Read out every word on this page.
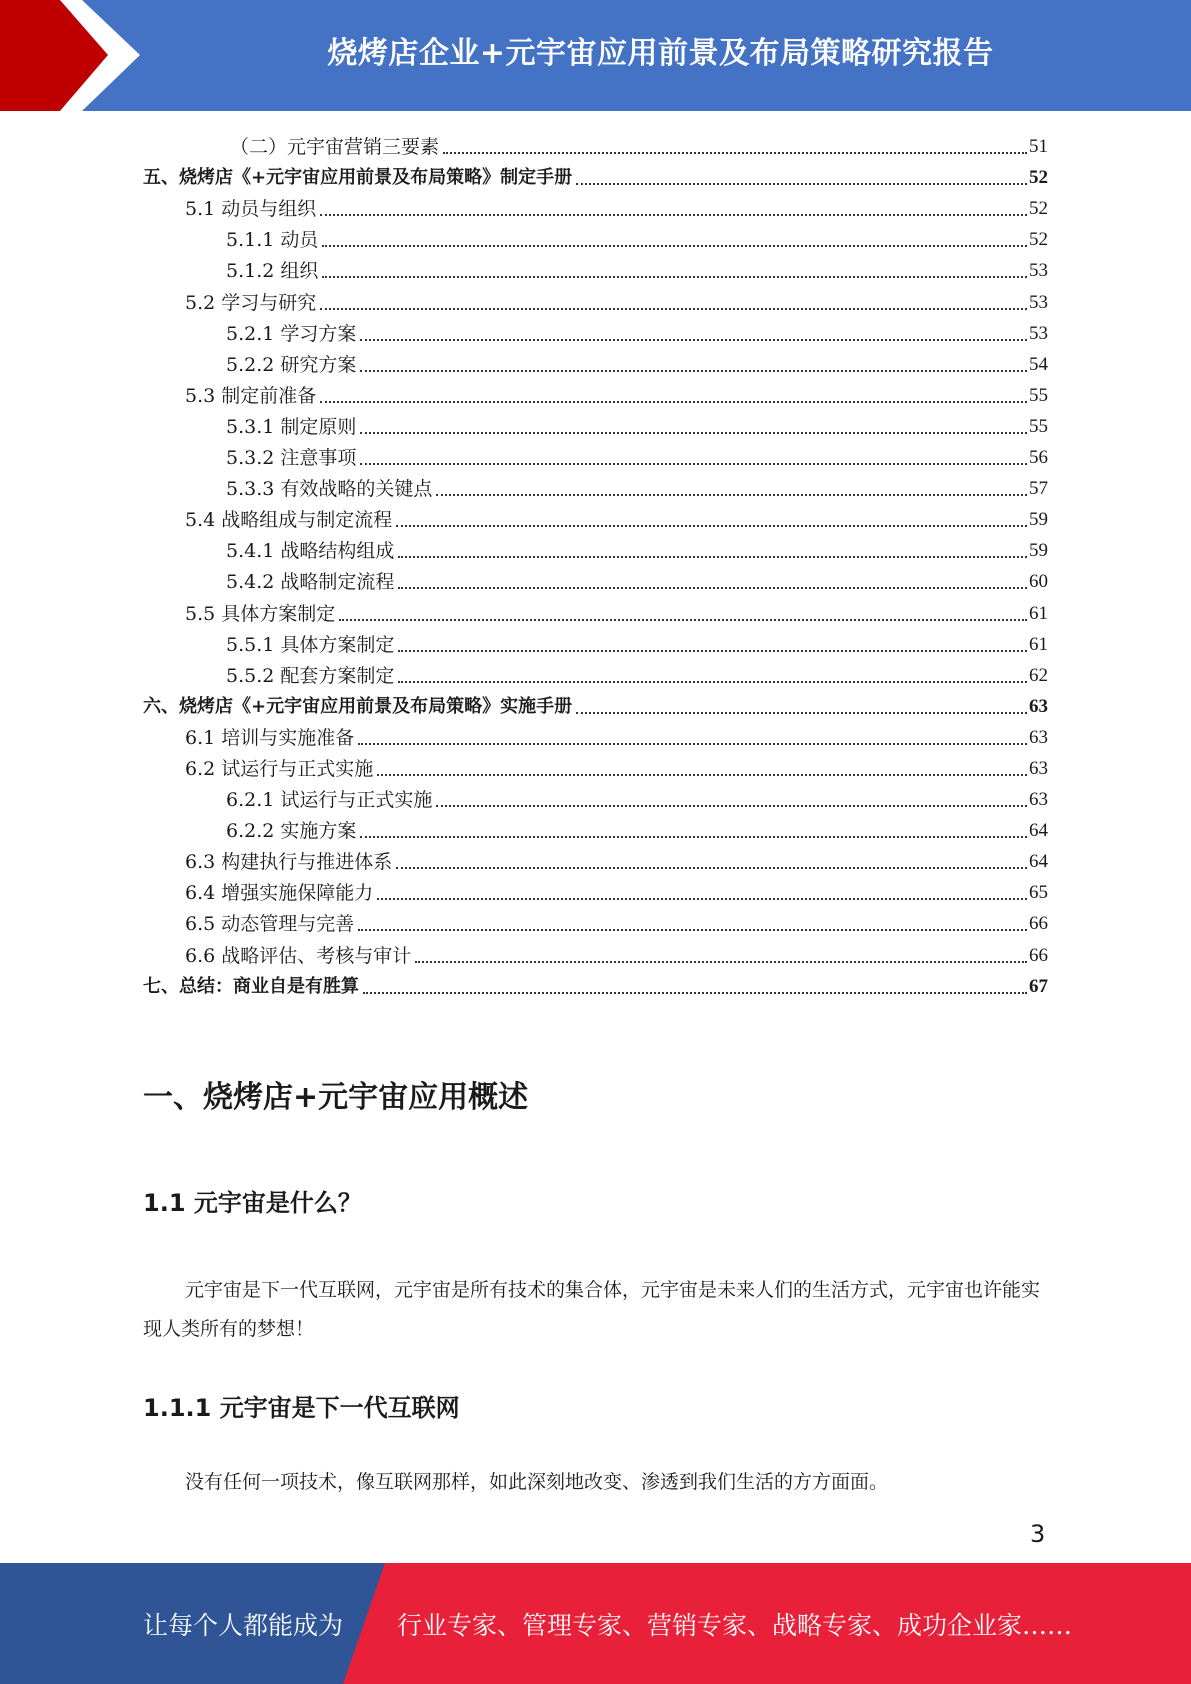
烧烤店企业+元宇宙应用前景及布局策略研究报告
（二）元宇宙营销三要素	51
五、烧烤店《+元宇宙应用前景及布局策略》制定手册	52
5.1 动员与组织	52
5.1.1 动员	52
5.1.2 组织	53
5.2 学习与研究	53
5.2.1 学习方案	53
5.2.2 研究方案	54
5.3 制定前准备	55
5.3.1 制定原则	55
5.3.2 注意事项	56
5.3.3 有效战略的关键点	57
5.4 战略组成与制定流程	59
5.4.1 战略结构组成	59
5.4.2 战略制定流程	60
5.5 具体方案制定	61
5.5.1 具体方案制定	61
5.5.2 配套方案制定	62
六、烧烤店《+元宇宙应用前景及布局策略》实施手册	63
6.1 培训与实施准备	63
6.2 试运行与正式实施	63
6.2.1 试运行与正式实施	63
6.2.2 实施方案	64
6.3 构建执行与推进体系	64
6.4 增强实施保障能力	65
6.5 动态管理与完善	66
6.6 战略评估、考核与审计	66
七、总结：商业自是有胜算	67
一、烧烤店+元宇宙应用概述
1.1 元宇宙是什么？

元宇宙是下一代互联网，元宇宙是所有技术的集合体，元宇宙是未来人们的生活方式，元宇宙也许能实现人类所有的梦想！

1.1.1 元宇宙是下一代互联网

没有任何一项技术，像互联网那样，如此深刻地改变、渗透到我们生活的方方面面。

3
让每个人都能成为 行业专家、管理专家、营销专家、战略专家、成功企业家……
